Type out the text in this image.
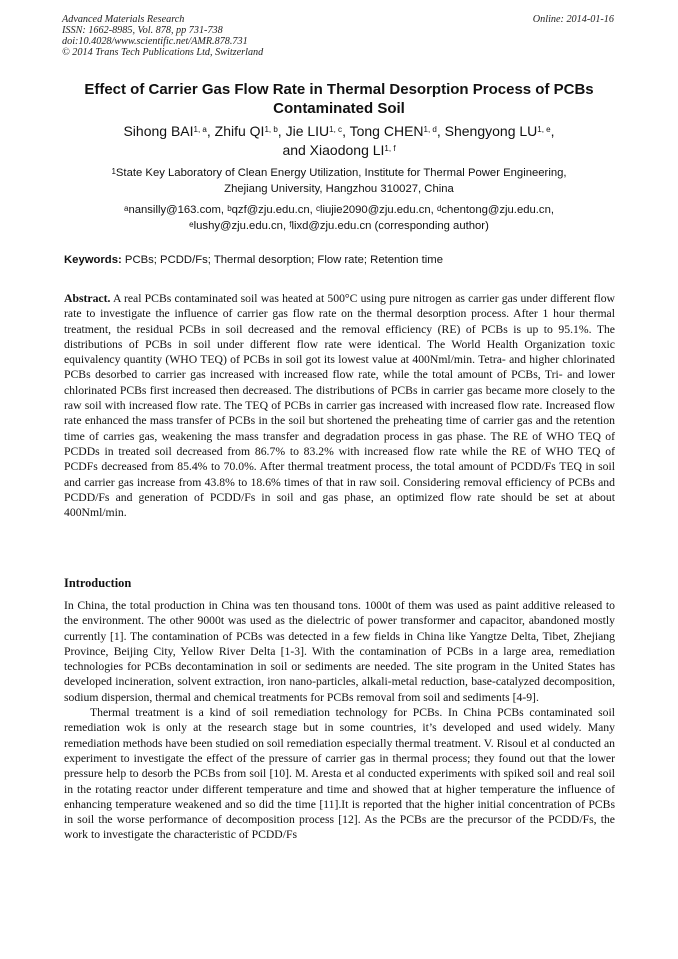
Advanced Materials Research
ISSN: 1662-8985, Vol. 878, pp 731-738
doi:10.4028/www.scientific.net/AMR.878.731
© 2014 Trans Tech Publications Ltd, Switzerland
Online: 2014-01-16
Effect of Carrier Gas Flow Rate in Thermal Desorption Process of PCBs Contaminated Soil
Sihong BAI$^{1, a}$, Zhifu QI$^{1, b}$, Jie LIU$^{1, c}$, Tong CHEN$^{1, d}$, Shengyong LU$^{1, e}$,
and Xiaodong LI$^{1, f}$
$^1$State Key Laboratory of Clean Energy Utilization, Institute for Thermal Power Engineering,
Zhejiang University, Hangzhou 310027, China
$^a$nansilly@163.com, $^b$qzf@zju.edu.cn, $^c$liujie2090@zju.edu.cn, $^d$chentong@zju.edu.cn,
$^e$lushy@zju.edu.cn, $^f$lixd@zju.edu.cn (corresponding author)
Keywords: PCBs; PCDD/Fs; Thermal desorption; Flow rate; Retention time
Abstract. A real PCBs contaminated soil was heated at 500°C using pure nitrogen as carrier gas under different flow rate to investigate the influence of carrier gas flow rate on the thermal desorption process. After 1 hour thermal treatment, the residual PCBs in soil decreased and the removal efficiency (RE) of PCBs is up to 95.1%. The distributions of PCBs in soil under different flow rate were identical. The World Health Organization toxic equivalency quantity (WHO TEQ) of PCBs in soil got its lowest value at 400Nml/min. Tetra- and higher chlorinated PCBs desorbed to carrier gas increased with increased flow rate, while the total amount of PCBs, Tri- and lower chlorinated PCBs first increased then decreased. The distributions of PCBs in carrier gas became more closely to the raw soil with increased flow rate. The TEQ of PCBs in carrier gas increased with increased flow rate. Increased flow rate enhanced the mass transfer of PCBs in the soil but shortened the preheating time of carrier gas and the retention time of carries gas, weakening the mass transfer and degradation process in gas phase. The RE of WHO TEQ of PCDDs in treated soil decreased from 86.7% to 83.2% with increased flow rate while the RE of WHO TEQ of PCDFs decreased from 85.4% to 70.0%. After thermal treatment process, the total amount of PCDD/Fs TEQ in soil and carrier gas increase from 43.8% to 18.6% times of that in raw soil. Considering removal efficiency of PCBs and PCDD/Fs and generation of PCDD/Fs in soil and gas phase, an optimized flow rate should be set at about 400Nml/min.
Introduction

In China, the total production in China was ten thousand tons. 1000t of them was used as paint additive released to the environment. The other 9000t was used as the dielectric of power transformer and capacitor, abandoned mostly currently [1]. The contamination of PCBs was detected in a few fields in China like Yangtze Delta, Tibet, Zhejiang Province, Beijing City, Yellow River Delta [1-3]. With the contamination of PCBs in a large area, remediation technologies for PCBs decontamination in soil or sediments are needed. The site program in the United States has developed incineration, solvent extraction, iron nano-particles, alkali-metal reduction, base-catalyzed decomposition, sodium dispersion, thermal and chemical treatments for PCBs removal from soil and sediments [4-9].

Thermal treatment is a kind of soil remediation technology for PCBs. In China PCBs contaminated soil remediation wok is only at the research stage but in some countries, it’s developed and used widely. Many remediation methods have been studied on soil remediation especially thermal treatment. V. Risoul et al conducted an experiment to investigate the effect of the pressure of carrier gas in thermal process; they found out that the lower pressure help to desorb the PCBs from soil [10]. M. Aresta et al conducted experiments with spiked soil and real soil in the rotating reactor under different temperature and time and showed that at higher temperature the influence of enhancing temperature weakened and so did the time [11].It is reported that the higher initial concentration of PCBs in soil the worse performance of decomposition process [12]. As the PCBs are the precursor of the PCDD/Fs, the work to investigate the characteristic of PCDD/Fs
